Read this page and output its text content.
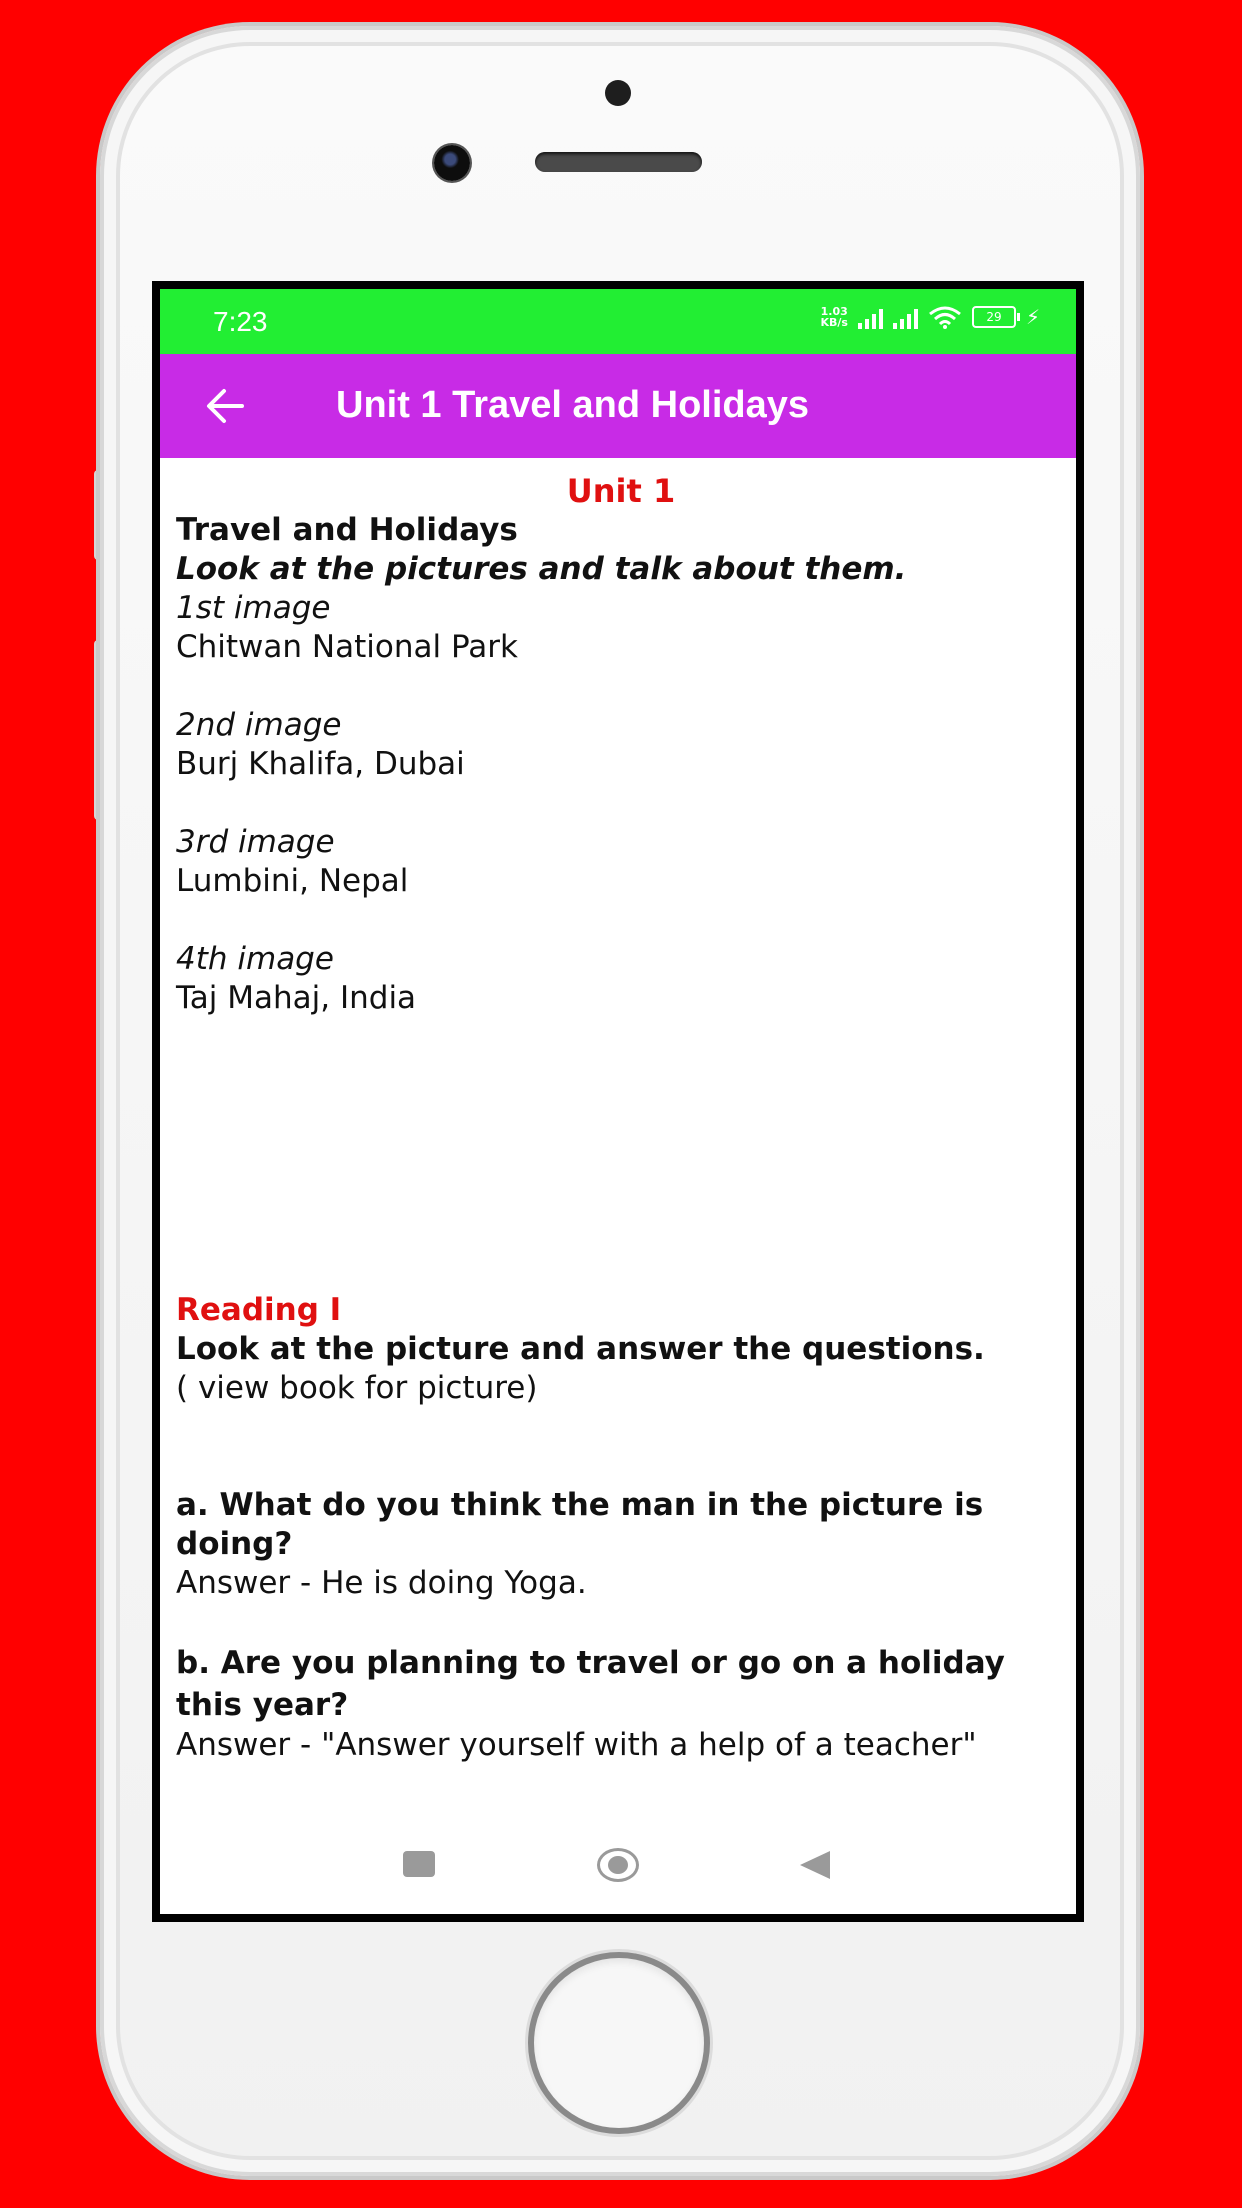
7:23	1.03
KB/s	29	⚡
Unit 1 Travel and Holidays

Unit 1

Travel and Holidays

Look at the pictures and talk about them.

1st image

Chitwan National Park

2nd image

Burj Khalifa, Dubai

3rd image

Lumbini, Nepal

4th image

Taj Mahaj, India

Reading I

Look at the picture and answer the questions.

( view book for picture)

a. What do you think the man in the picture is doing?

Answer - He is doing Yoga.

b. Are you planning to travel or go on a holiday this year?

Answer - "Answer yourself with a help of a teacher"
